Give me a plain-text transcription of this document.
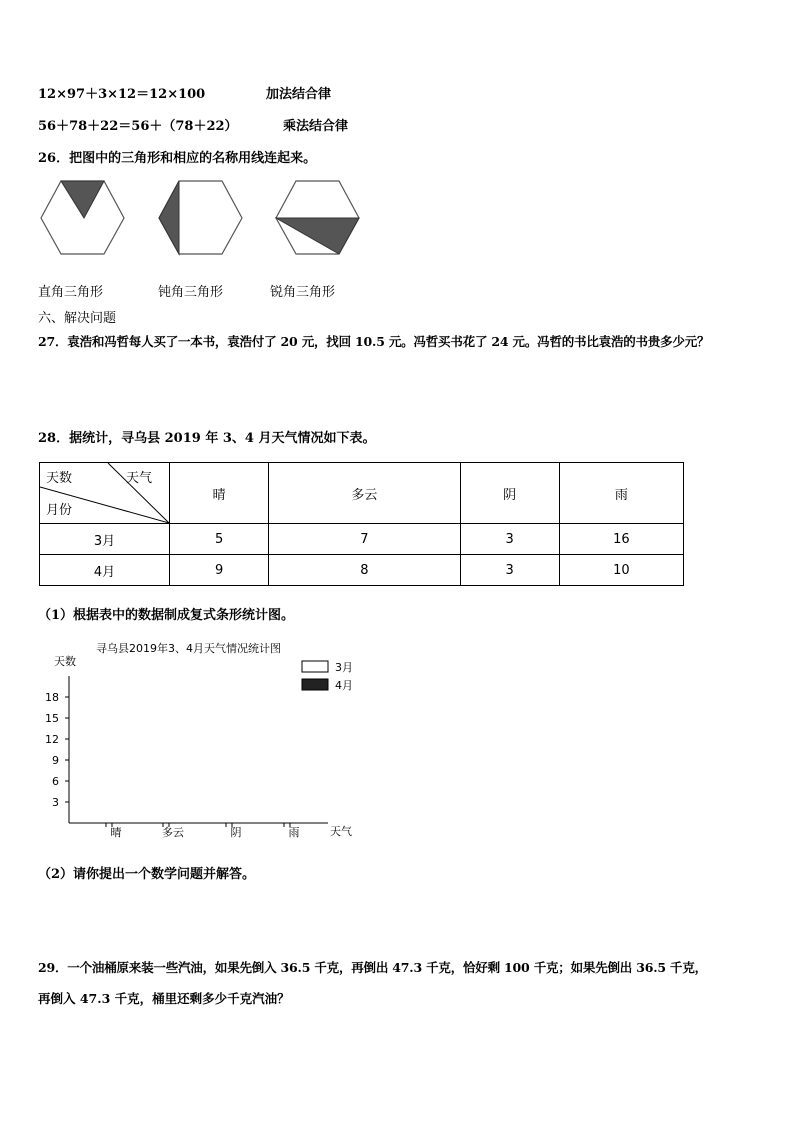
12×97＋3×12＝12×100	加法结合律
56＋78＋22＝56＋（78＋22）	乘法结合律
26．把图中的三角形和相应的名称用线连起来。
直角三角形	钝角三角形	锐角三角形
六、解决问题
27．袁浩和冯哲每人买了一本书，袁浩付了 20 元，找回 10.5 元。冯哲买书花了 24 元。冯哲的书比袁浩的书贵多少元？
28．据统计，寻乌县 2019 年 3、4 月天气情况如下表。
天数 天气
月份	晴	多云	阴	雨
3月	5	7	3	16
4月	9	8	3	10
（1）根据表中的数据制成复式条形统计图。
寻乌县2019年3、4月天气情况统计图
天数
天气
3月
4月
3
6
9
12
15
18
晴	多云	阴	雨
（2）请你提出一个数学问题并解答。
29．一个油桶原来装一些汽油，如果先倒入 36.5 千克，再倒出 47.3 千克，恰好剩 100 千克；如果先倒出 36.5 千克，
再倒入 47.3 千克，桶里还剩多少千克汽油？
